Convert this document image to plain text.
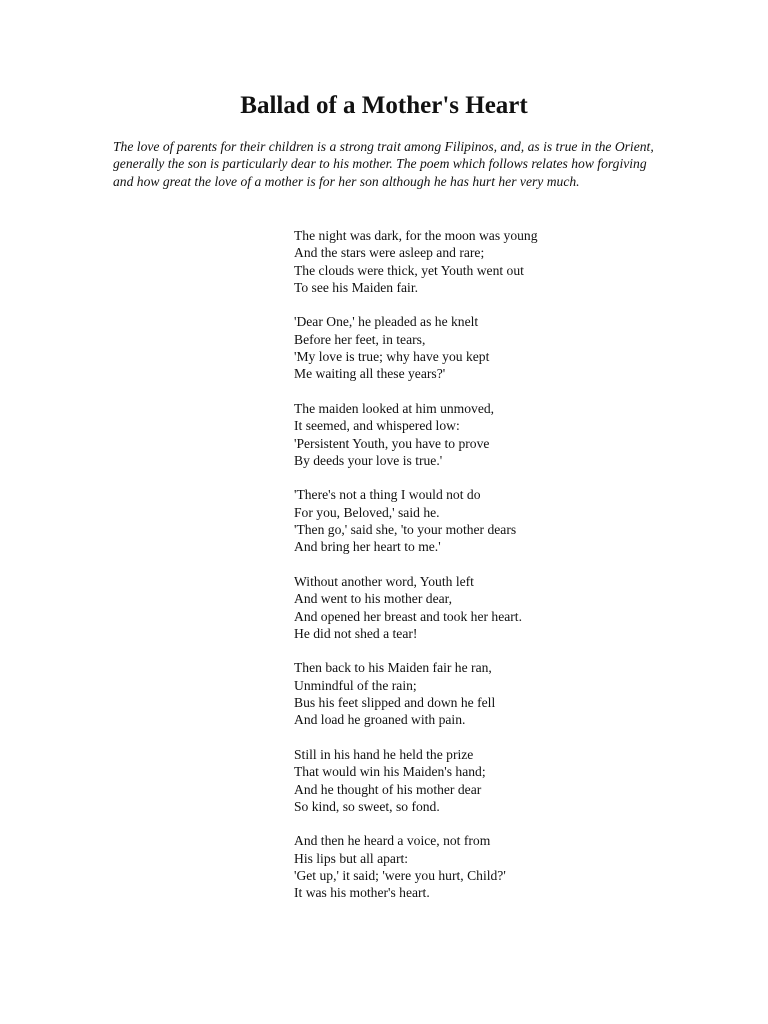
Ballad of a Mother's Heart

The love of parents for their children is a strong trait among Filipinos, and, as is true in the Orient, generally the son is particularly dear to his mother. The poem which follows relates how forgiving and how great the love of a mother is for her son although he has hurt her very much.

The night was dark, for the moon was young
And the stars were asleep and rare;
The clouds were thick, yet Youth went out
To see his Maiden fair.
'Dear One,' he pleaded as he knelt
Before her feet, in tears,
'My love is true; why have you kept
Me waiting all these years?'
The maiden looked at him unmoved,
It seemed, and whispered low:
'Persistent Youth, you have to prove
By deeds your love is true.'
'There's not a thing I would not do
For you, Beloved,' said he.
'Then go,' said she, 'to your mother dears
And bring her heart to me.'
Without another word, Youth left
And went to his mother dear,
And opened her breast and took her heart.
He did not shed a tear!
Then back to his Maiden fair he ran,
Unmindful of the rain;
Bus his feet slipped and down he fell
And load he groaned with pain.
Still in his hand he held the prize
That would win his Maiden's hand;
And he thought of his mother dear
So kind, so sweet, so fond.
And then he heard a voice, not from
His lips but all apart:
'Get up,' it said; 'were you hurt, Child?'
It was his mother's heart.
